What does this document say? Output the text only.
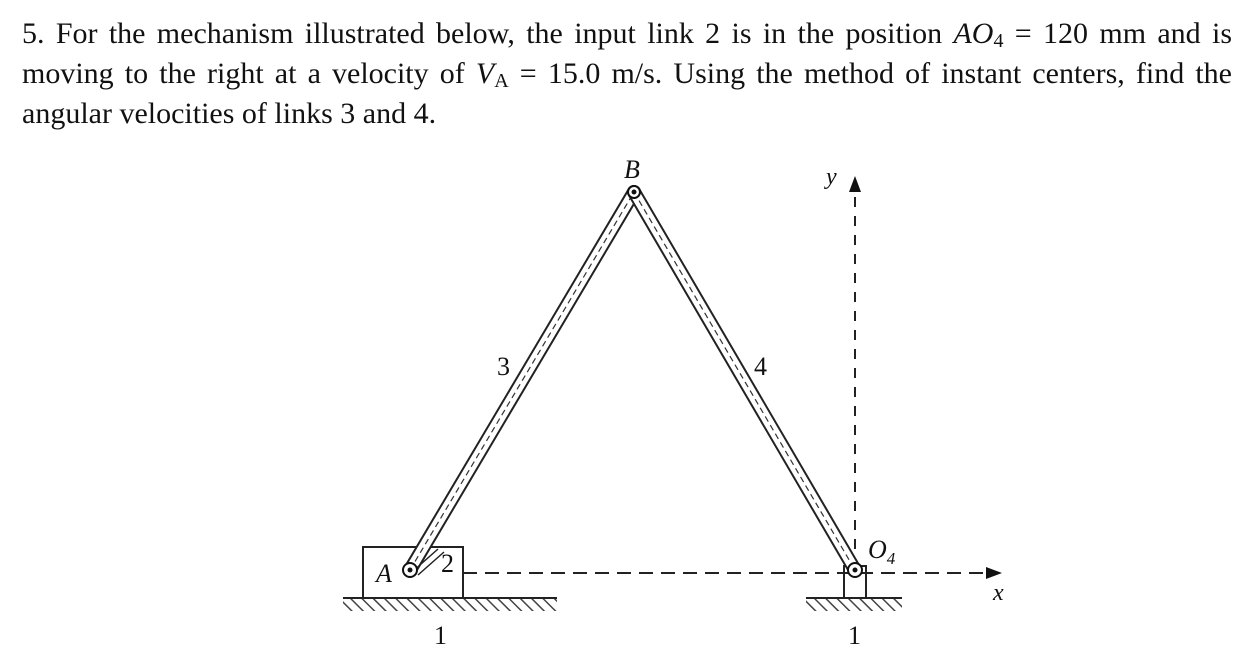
5. For the mechanism illustrated below, the input link 2 is in the position $AO_4 = 120$ mm and is moving to the right at a velocity of $V_A = 15.0$ m/s. Using the method of instant centers, find the angular velocities of links 3 and 4.

B
A
$O_4$
y
x
2
3	4
1	1
